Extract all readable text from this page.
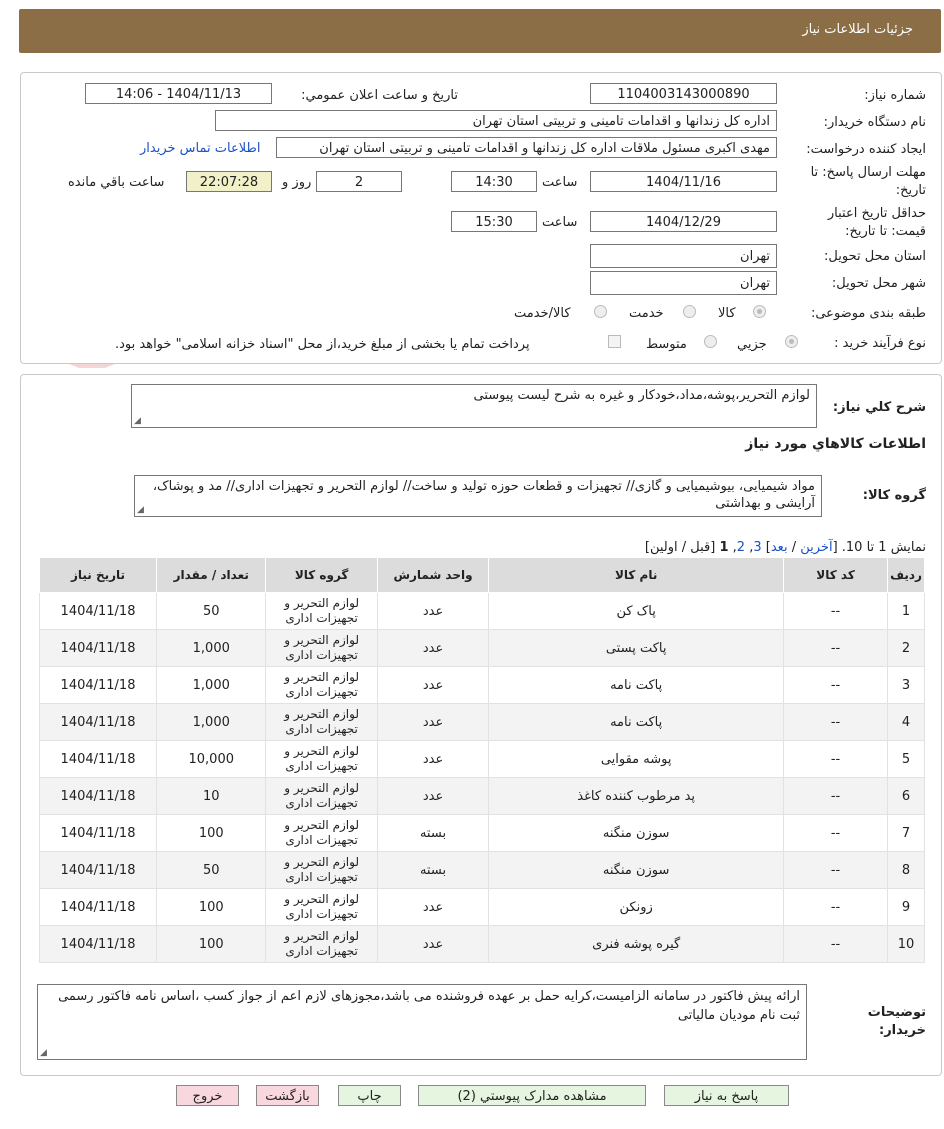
جزئیات اطلاعات نیاز
شماره نیاز:
1104003143000890
تاریخ و ساعت اعلان عمومي:
1404/11/13 - 14:06
نام دستگاه خریدار:
اداره کل زندانها و اقدامات تامینی و تربیتی استان تهران
ایجاد کننده درخواست:
مهدی اکبری مسئول ملاقات اداره کل زندانها و اقدامات تامینی و تربیتی استان تهران
اطلاعات تماس خریدار
مهلت ارسال پاسخ: تا
تاریخ:
1404/11/16
ساعت
14:30
2
روز و
22:07:28
ساعت باقي مانده
حداقل تاریخ اعتبار
قیمت: تا تاریخ:
1404/12/29
ساعت
15:30
استان محل تحویل:
تهران
شهر محل تحویل:
تهران
طبقه بندی موضوعی:
کالا
خدمت
کالا/خدمت
نوع فرآیند خرید :
جزیي
متوسط
پرداخت تمام یا بخشی از مبلغ خرید،از محل "اسناد خزانه اسلامی" خواهد بود.
شرح کلي نیاز:
لوازم التحریر،پوشه،مداد،خودکار و غیره به شرح لیست پیوستی
◢
اطلاعات کالاهاي مورد نیاز
گروه کالا:
مواد شیمیایی، بیوشیمیایی و گازی// تجهیزات و قطعات حوزه تولید و ساخت// لوازم التحریر و تجهیزات اداری// مد و پوشاک، آرایشی و بهداشتی
◢
نمایش 1 تا 10. [آخرین / بعد] 3, 2, 1 [قبل / اولین]
ردیف	کد کالا	نام کالا	واحد شمارش	گروه کالا	تعداد / مقدار	تاریخ نیاز
1	--	پاک کن	عدد	لوازم التحریر و تجهیزات اداری	50	1404/11/18
2	--	پاکت پستی	عدد	لوازم التحریر و تجهیزات اداری	1,000	1404/11/18
3	--	پاکت نامه	عدد	لوازم التحریر و تجهیزات اداری	1,000	1404/11/18
4	--	پاکت نامه	عدد	لوازم التحریر و تجهیزات اداری	1,000	1404/11/18
5	--	پوشه مقوایی	عدد	لوازم التحریر و تجهیزات اداری	10,000	1404/11/18
6	--	پد مرطوب کننده کاغذ	عدد	لوازم التحریر و تجهیزات اداری	10	1404/11/18
7	--	سوزن منگنه	بسته	لوازم التحریر و تجهیزات اداری	100	1404/11/18
8	--	سوزن منگنه	بسته	لوازم التحریر و تجهیزات اداری	50	1404/11/18
9	--	زونکن	عدد	لوازم التحریر و تجهیزات اداری	100	1404/11/18
10	--	گیره پوشه فنری	عدد	لوازم التحریر و تجهیزات اداری	100	1404/11/18
توضیحات
خریدار:
ارائه پیش فاکتور در سامانه الزامیست،کرایه حمل بر عهده فروشنده می باشد،مجوزهای لازم اعم از جواز کسب ،اساس نامه فاکتور رسمی ثبت نام مودیان مالیاتی
◢
پاسخ به نیاز
مشاهده مدارک پیوستي (2)
چاپ
بازگشت
خروج
